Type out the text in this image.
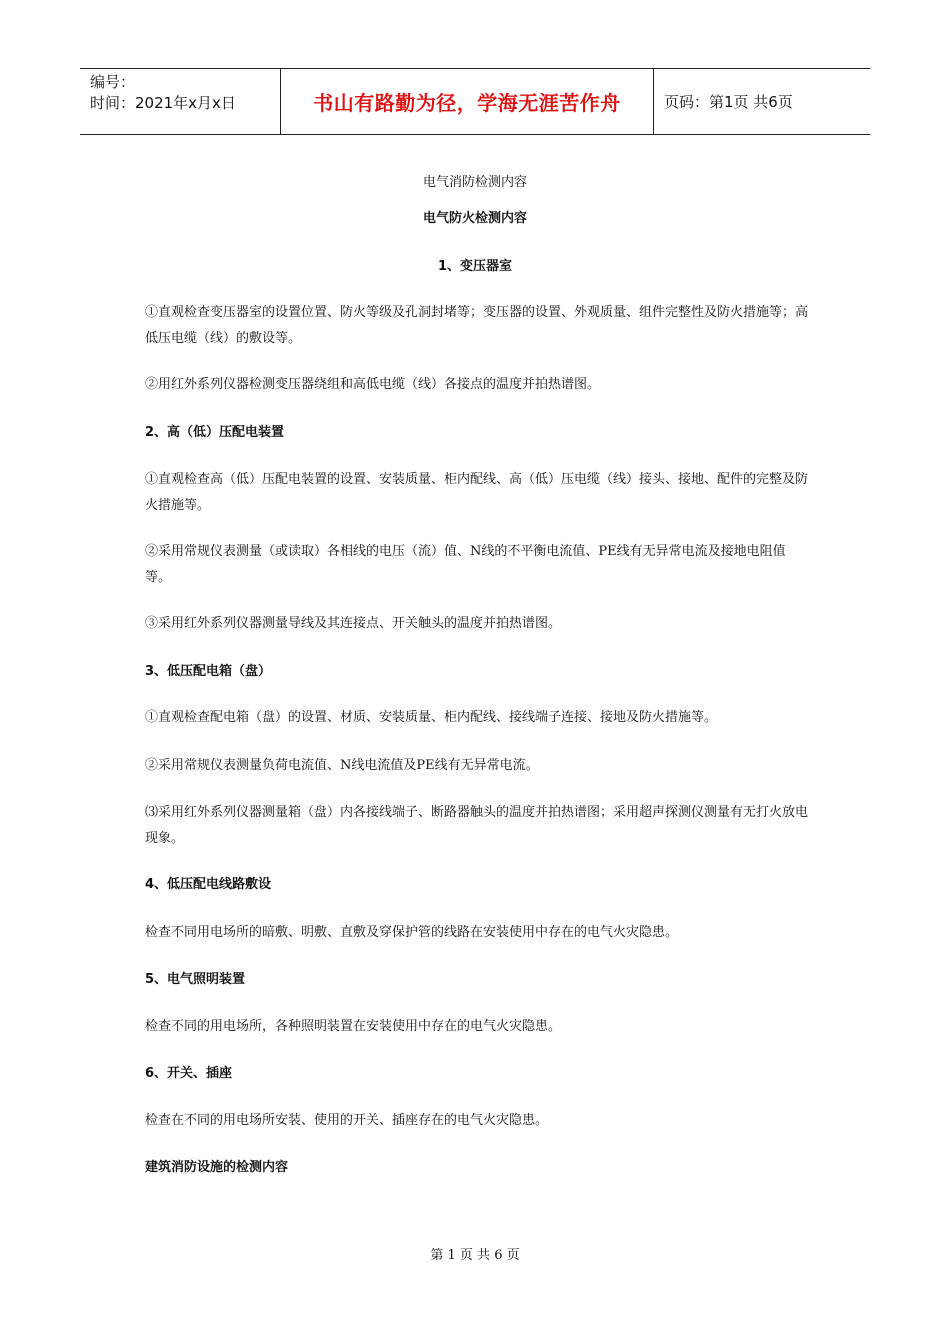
编号：
时间：2021年x月x日	书山有路勤为径，学海无涯苦作舟	页码：第1页 共6页
电气消防检测内容
电气防火检测内容
1、变压器室
①直观检查变压器室的设置位置、防火等级及孔洞封堵等；变压器的设置、外观质量、组件完整性及防火措施等；高低压电缆（线）的敷设等。
②用红外系列仪器检测变压器绕组和高低电缆（线）各接点的温度并拍热谱图。
2、高（低）压配电装置
①直观检查高（低）压配电装置的设置、安装质量、柜内配线、高（低）压电缆（线）接头、接地、配件的完整及防火措施等。
②采用常规仪表测量（或读取）各相线的电压（流）值、N线的不平衡电流值、PE线有无异常电流及接地电阻值等。
③采用红外系列仪器测量导线及其连接点、开关触头的温度并拍热谱图。
3、低压配电箱（盘）
①直观检查配电箱（盘）的设置、材质、安装质量、柜内配线、接线端子连接、接地及防火措施等。
②采用常规仪表测量负荷电流值、N线电流值及PE线有无异常电流。
⑶采用红外系列仪器测量箱（盘）内各接线端子、断路器触头的温度并拍热谱图；采用超声探测仪测量有无打火放电现象。
4、低压配电线路敷设
检查不同用电场所的暗敷、明敷、直敷及穿保护管的线路在安装使用中存在的电气火灾隐患。
5、电气照明装置
检查不同的用电场所，各种照明装置在安装使用中存在的电气火灾隐患。
6、开关、插座
检查在不同的用电场所安装、使用的开关、插座存在的电气火灾隐患。
建筑消防设施的检测内容
第 1 页 共 6 页
